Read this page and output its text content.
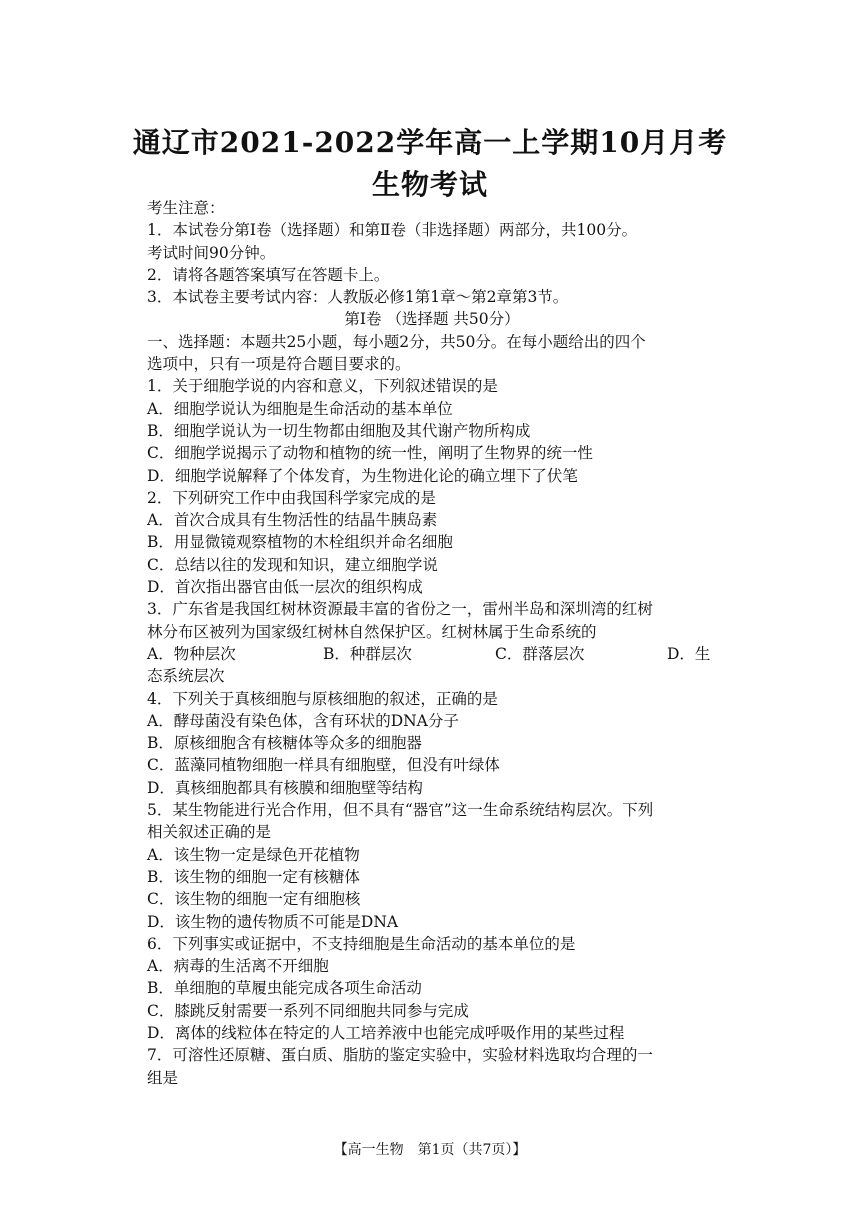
通辽市2021-2022学年高一上学期10月月考
生物考试
考生注意：
1．本试卷分第Ⅰ卷（选择题）和第Ⅱ卷（非选择题）两部分，共100分。
考试时间90分钟。
2．请将各题答案填写在答题卡上。
3．本试卷主要考试内容：人教版必修1第1章～第2章第3节。
第Ⅰ卷 （选择题 共50分）
一、选择题：本题共25小题，每小题2分，共50分。在每小题给出的四个
选项中，只有一项是符合题目要求的。
1．关于细胞学说的内容和意义，下列叙述错误的是
A．细胞学说认为细胞是生命活动的基本单位
B．细胞学说认为一切生物都由细胞及其代谢产物所构成
C．细胞学说揭示了动物和植物的统一性，阐明了生物界的统一性
D．细胞学说解释了个体发育，为生物进化论的确立埋下了伏笔
2．下列研究工作中由我国科学家完成的是
A．首次合成具有生物活性的结晶牛胰岛素
B．用显微镜观察植物的木栓组织并命名细胞
C．总结以往的发现和知识，建立细胞学说
D．首次指出器官由低一层次的组织构成
3．广东省是我国红树林资源最丰富的省份之一，雷州半岛和深圳湾的红树
林分布区被列为国家级红树林自然保护区。红树林属于生命系统的
A．物种层次	B．种群层次	C．群落层次	D．生
态系统层次
4．下列关于真核细胞与原核细胞的叙述，正确的是
A．酵母菌没有染色体，含有环状的DNA分子
B．原核细胞含有核糖体等众多的细胞器
C．蓝藻同植物细胞一样具有细胞壁，但没有叶绿体
D．真核细胞都具有核膜和细胞壁等结构
5．某生物能进行光合作用，但不具有“器官”这一生命系统结构层次。下列
相关叙述正确的是
A．该生物一定是绿色开花植物
B．该生物的细胞一定有核糖体
C．该生物的细胞一定有细胞核
D．该生物的遗传物质不可能是DNA
6．下列事实或证据中，不支持细胞是生命活动的基本单位的是
A．病毒的生活离不开细胞
B．单细胞的草履虫能完成各项生命活动
C．膝跳反射需要一系列不同细胞共同参与完成
D．离体的线粒体在特定的人工培养液中也能完成呼吸作用的某些过程
7．可溶性还原糖、蛋白质、脂肪的鉴定实验中，实验材料选取均合理的一
组是
【高一生物　第1页（共7页）】
